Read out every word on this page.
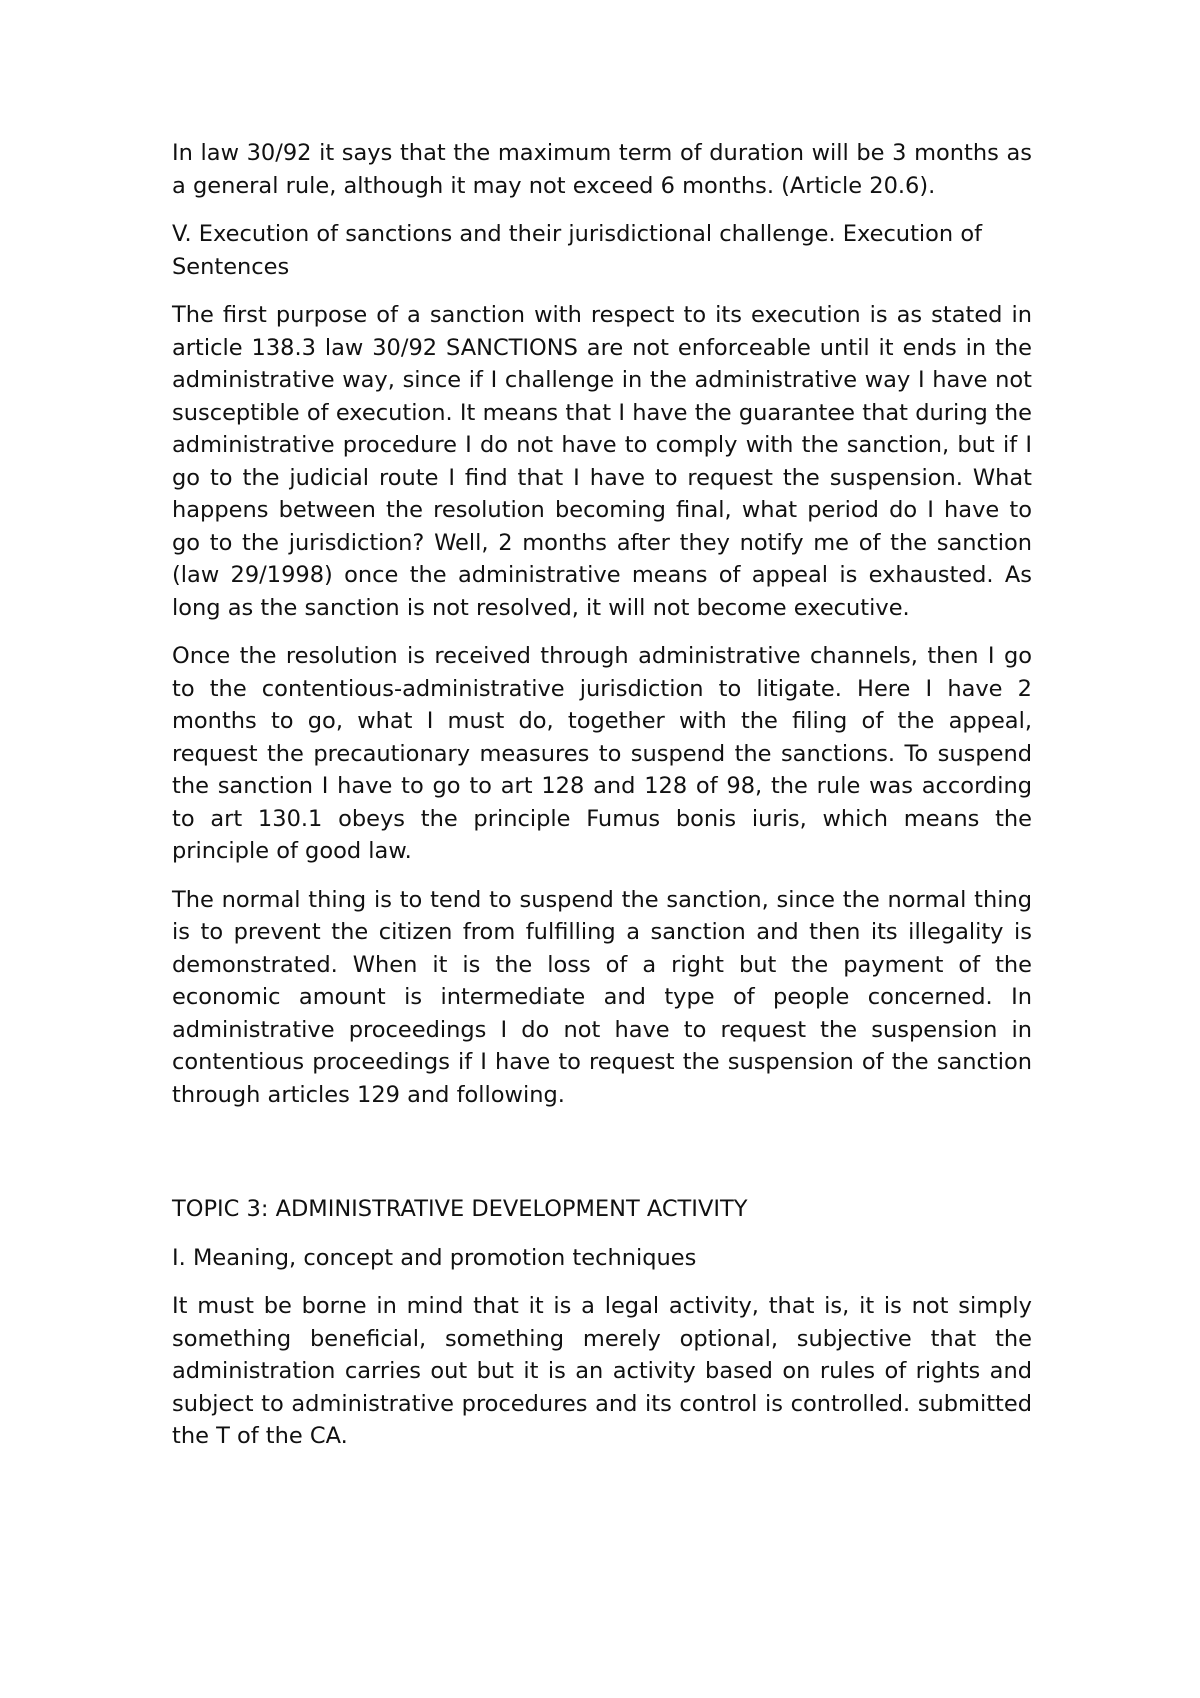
In law 30/92 it says that the maximum term of duration will be 3 months as a general rule, although it may not exceed 6 months. (Article 20.6).

V. Execution of sanctions and their jurisdictional challenge. Execution of Sentences

The first purpose of a sanction with respect to its execution is as stated in article 138.3 law 30/92 SANCTIONS are not enforceable until it ends in the administrative way, since if I challenge in the administrative way I have not susceptible of execution. It means that I have the guarantee that during the administrative procedure I do not have to comply with the sanction, but if I go to the judicial route I find that I have to request the suspension. What happens between the resolution becoming final, what period do I have to go to the jurisdiction? Well, 2 months after they notify me of the sanction (law 29/1998) once the administrative means of appeal is exhausted. As long as the sanction is not resolved, it will not become executive.

Once the resolution is received through administrative channels, then I go to the contentious-administrative jurisdiction to litigate. Here I have 2 months to go, what I must do, together with the filing of the appeal, request the precautionary measures to suspend the sanctions. To suspend the sanction I have to go to art 128 and 128 of 98, the rule was according to art 130.1 obeys the principle Fumus bonis iuris, which means the principle of good law.

The normal thing is to tend to suspend the sanction, since the normal thing is to prevent the citizen from fulfilling a sanction and then its illegality is demonstrated. When it is the loss of a right but the payment of the economic amount is intermediate and type of people concerned. In administrative proceedings I do not have to request the suspension in contentious proceedings if I have to request the suspension of the sanction through articles 129 and following.

TOPIC 3: ADMINISTRATIVE DEVELOPMENT ACTIVITY

I. Meaning, concept and promotion techniques

It must be borne in mind that it is a legal activity, that is, it is not simply something beneficial, something merely optional, subjective that the administration carries out but it is an activity based on rules of rights and subject to administrative procedures and its control is controlled. submitted the T of the CA.
